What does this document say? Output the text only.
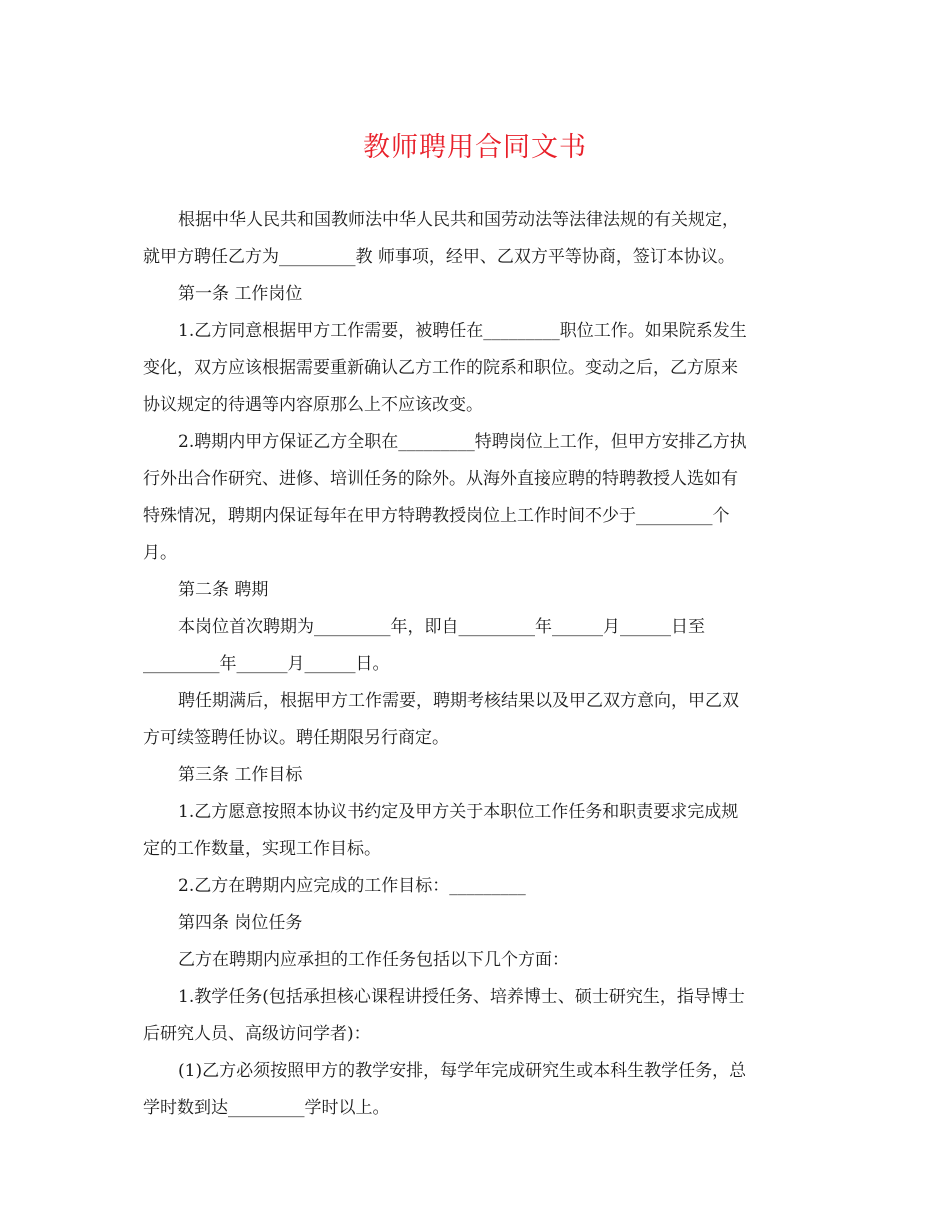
教师聘用合同文书
根据中华人民共和国教师法中华人民共和国劳动法等法律法规的有关规定，
就甲方聘任乙方为_________教 师事项，经甲、乙双方平等协商，签订本协议。
第一条 工作岗位
1.乙方同意根据甲方工作需要，被聘任在_________职位工作。如果院系发生
变化，双方应该根据需要重新确认乙方工作的院系和职位。变动之后，乙方原来
协议规定的待遇等内容原那么上不应该改变。
2.聘期内甲方保证乙方全职在_________特聘岗位上工作，但甲方安排乙方执
行外出合作研究、进修、培训任务的除外。从海外直接应聘的特聘教授人选如有
特殊情况，聘期内保证每年在甲方特聘教授岗位上工作时间不少于_________个
月。
第二条 聘期
本岗位首次聘期为_________年，即自_________年______月______日至
_________年______月______日。
聘任期满后，根据甲方工作需要，聘期考核结果以及甲乙双方意向，甲乙双
方可续签聘任协议。聘任期限另行商定。
第三条 工作目标
1.乙方愿意按照本协议书约定及甲方关于本职位工作任务和职责要求完成规
定的工作数量，实现工作目标。
2.乙方在聘期内应完成的工作目标：_________
第四条 岗位任务
乙方在聘期内应承担的工作任务包括以下几个方面：
1.教学任务(包括承担核心课程讲授任务、培养博士、硕士研究生，指导博士
后研究人员、高级访问学者)：
(1)乙方必须按照甲方的教学安排，每学年完成研究生或本科生教学任务，总
学时数到达_________学时以上。
